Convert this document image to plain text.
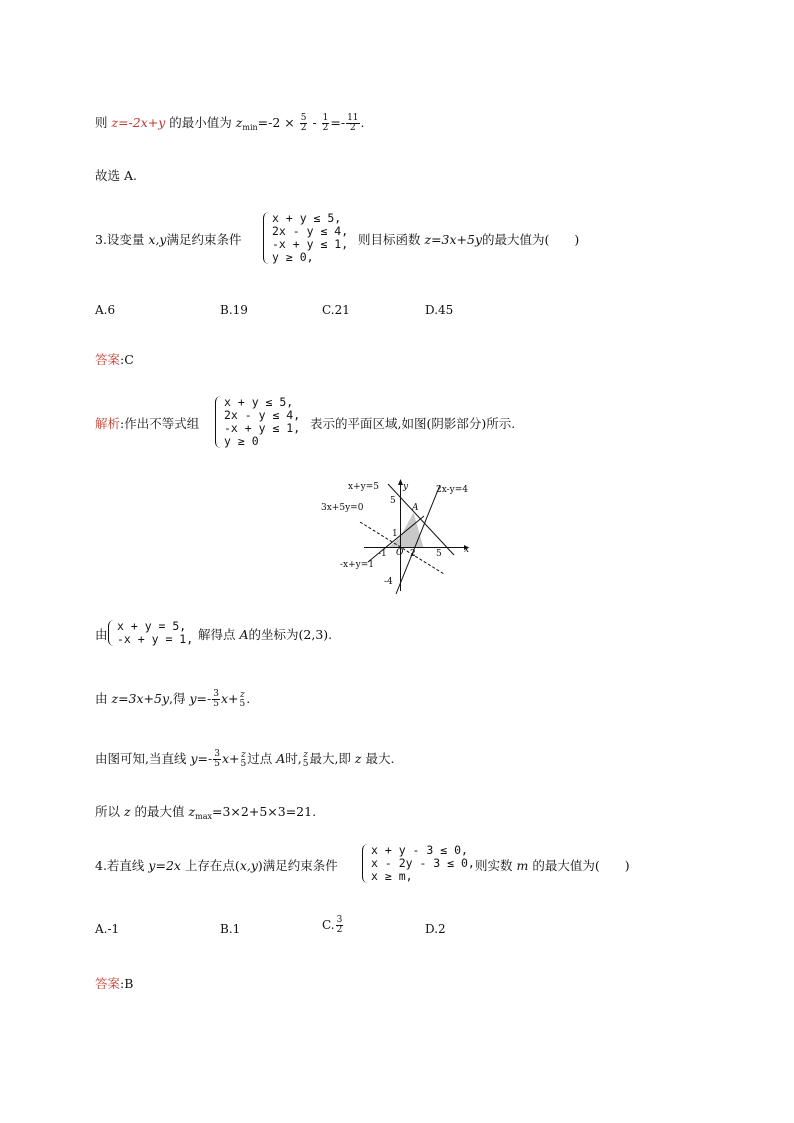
则 z=-2x+y 的最小值为 $z_{min}=-2 \times \frac{5}{2} - \frac{1}{2} =- \frac{11}{2}$ .
故选 A.
3.设变量 x,y满足约束条件
x + y ≤ 5,
2x - y ≤ 4,
-x + y ≤ 1,
y ≥ 0,
则目标函数 z=3x+5y的最大值为(　　)
A.6	B.19	C.21	D.45
答案:C
解析:作出不等式组
x + y ≤ 5,
2x - y ≤ 4,
-x + y ≤ 1,
y ≥ 0
表示的平面区域,如图(阴影部分)所示.
x+y=5	y	2x-y=4
5
3x+5y=0	A
1
-1 O 2 5 x
-x+y=1
-4
由
x + y = 5,
-x + y = 1, 解得点 A的坐标为(2,3).
由 z=3x+5y,得 $y=- \frac{3}{5} x+ z$
5 .
由图可知,当直线 $y=- \frac{3}{5} x+ z$
5 过点 A时, z
5 最大,即 z 最大.
所以 z 的最大值 $z_{max}=3\times 2+5\times 3=21$.
4.若直线 y=2x 上存在点(x,y)满足约束条件
x + y - 3 ≤ 0,
x - 2y - 3 ≤ 0,
x ≥ m,
则实数 m 的最大值为(　　)
A.-1	B.1	C. $\frac{3}{2}$	D.2
答案:B
